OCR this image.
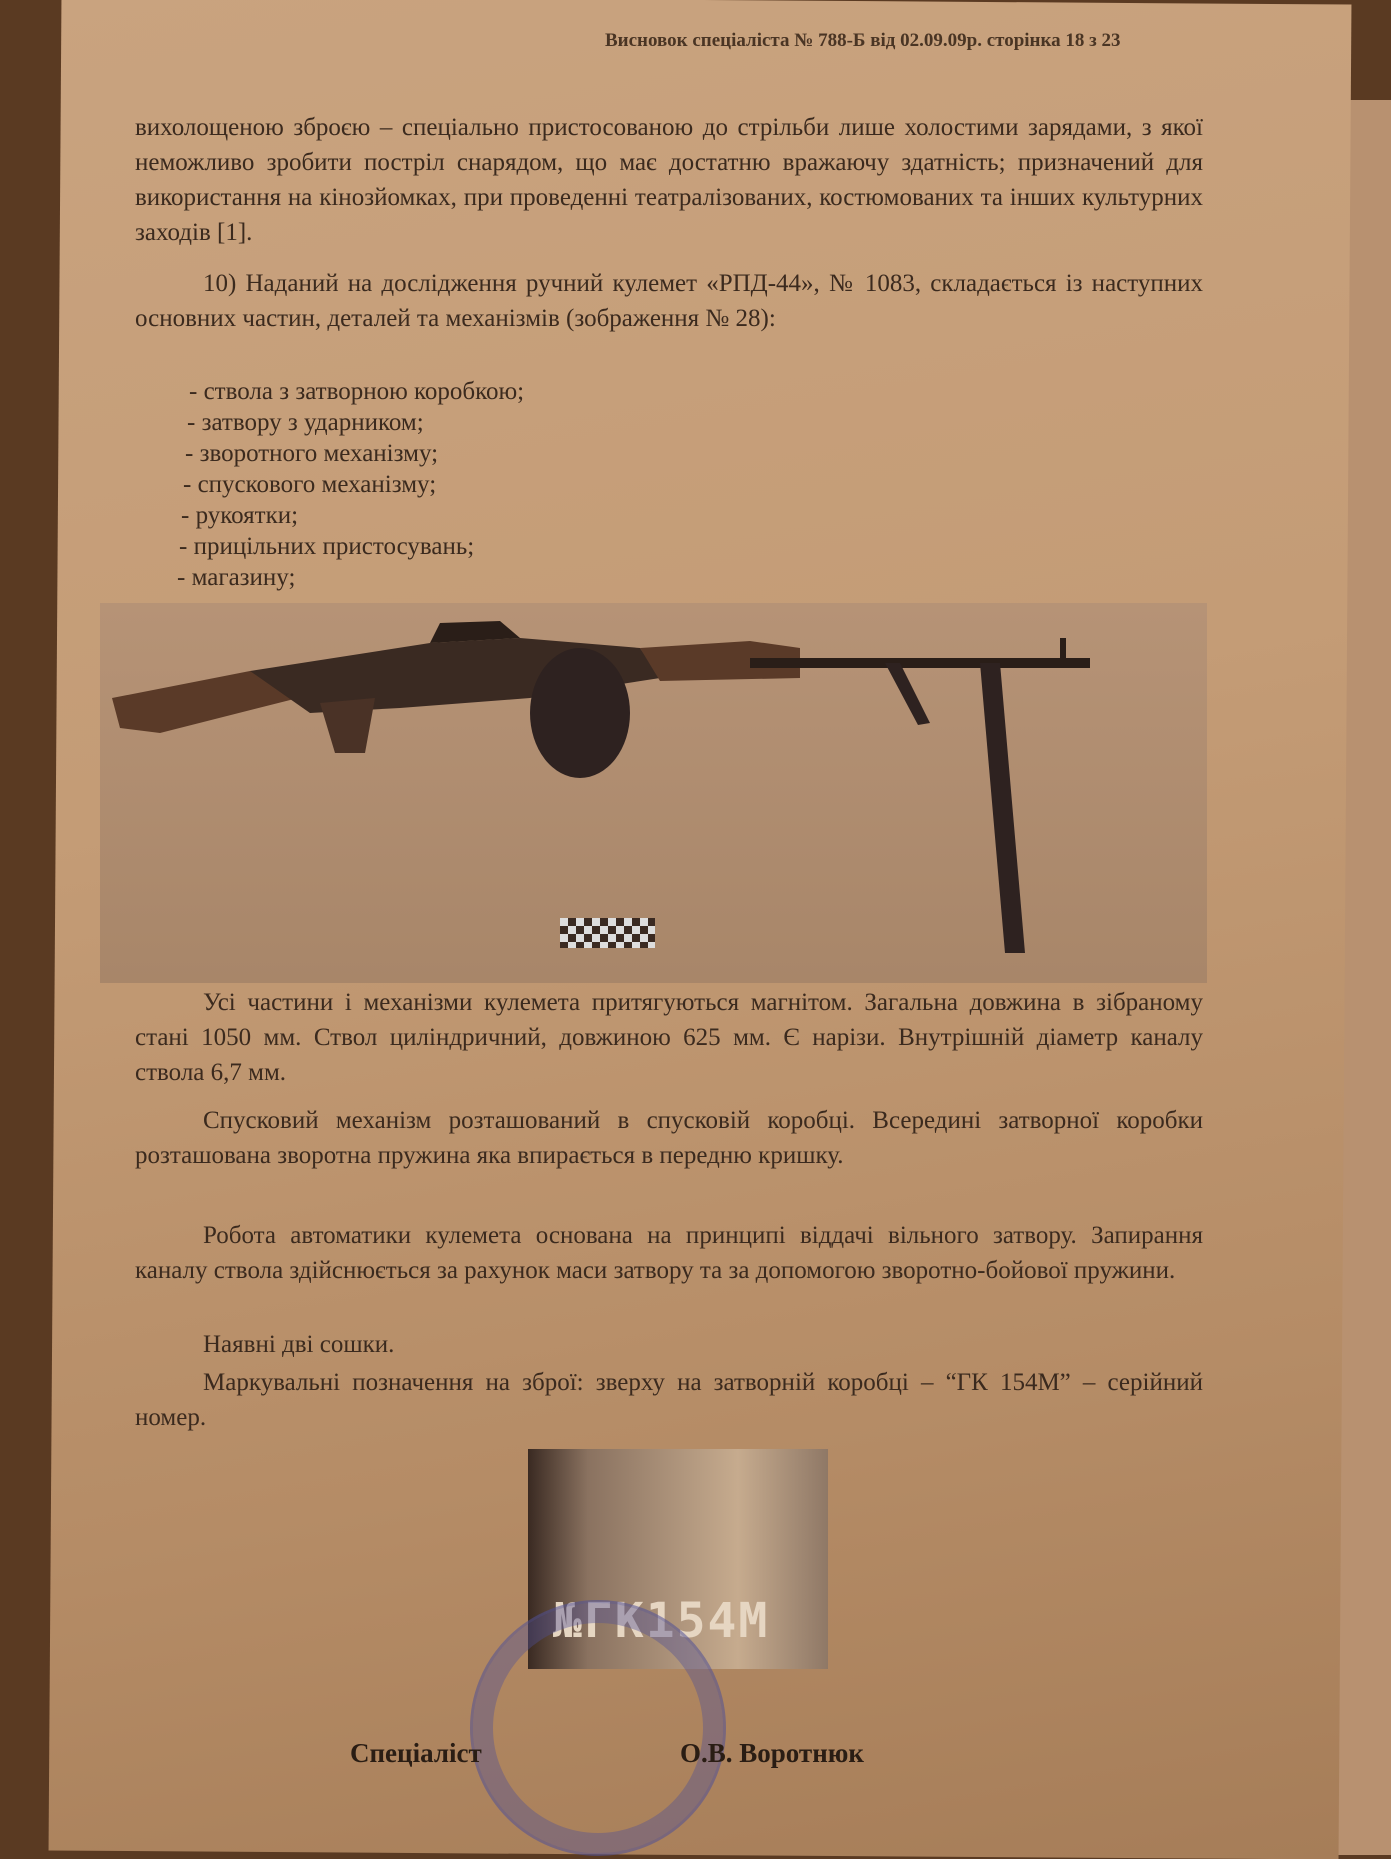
Висновок спеціаліста № 788-Б від 02.09.09р. сторінка 18 з 23
вихолощеною зброєю – спеціально пристосованою до стрільби лише холостими зарядами, з якої неможливо зробити постріл снарядом, що має достатню вражаючу здатність; призначений для використання на кінозйомках, при проведенні театралізованих, костюмованих та інших культурних заходів [1].
10) Наданий на дослідження ручний кулемет «РПД-44», № 1083, складається із наступних основних частин, деталей та механізмів (зображення № 28):
- ствола з затворною коробкою;
- затвору з ударником;
- зворотного механізму;
- спускового механізму;
- рукоятки;
- прицільних пристосувань;
- магазину;
Усі частини і механізми кулемета притягуються магнітом. Загальна довжина в зібраному стані 1050 мм. Ствол циліндричний, довжиною 625 мм. Є нарізи. Внутрішній діаметр каналу ствола 6,7 мм.
Спусковий механізм розташований в спусковій коробці. Всередині затворної коробки розташована зворотна пружина яка впирається в передню кришку.
Робота автоматики кулемета основана на принципі віддачі вільного затвору. Запирання каналу ствола здійснюється за рахунок маси затвору та за допомогою зворотно-бойової пружини.
Наявні дві сошки.
Маркувальні позначення на зброї: зверху на затворній коробці – “ГК 154М” – серійний номер.
№ГК154М
Спеціаліст	О.В. Воротнюк
